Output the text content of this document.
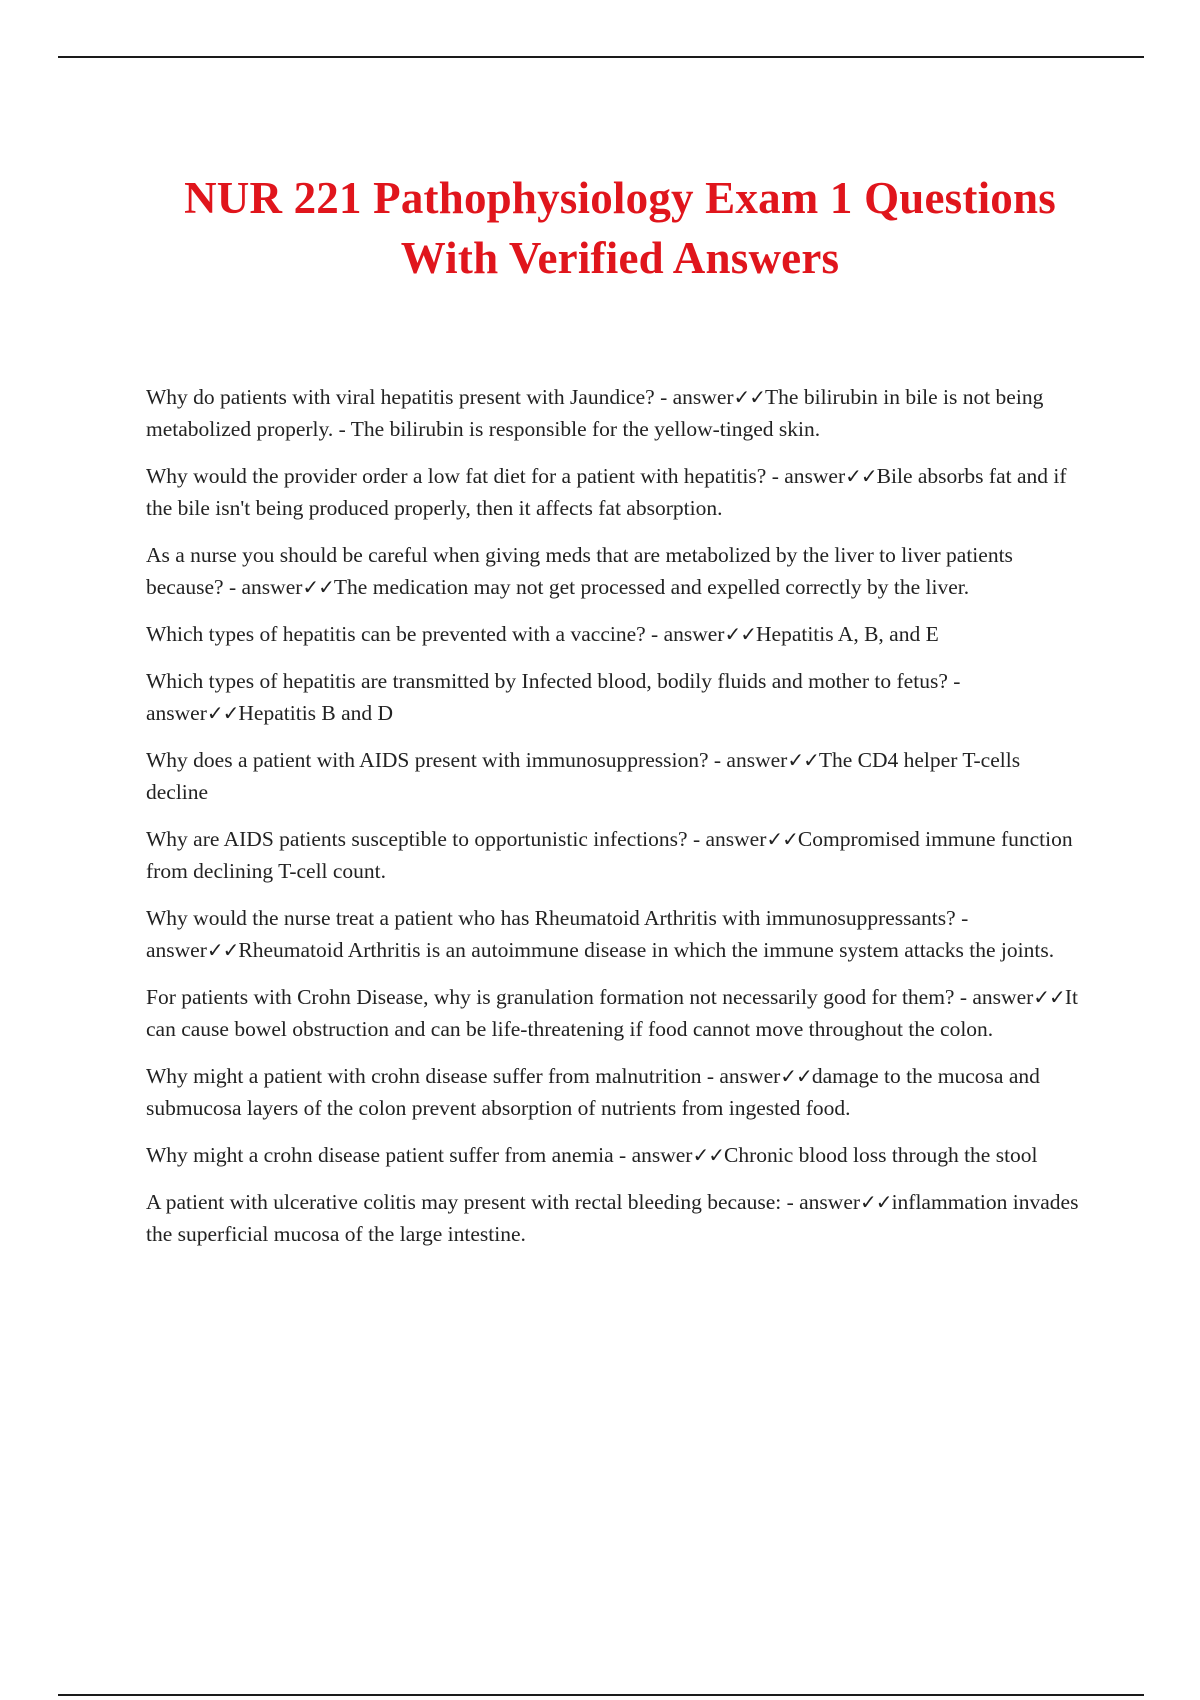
NUR 221 Pathophysiology Exam 1 Questions
With Verified Answers
Why do patients with viral hepatitis present with Jaundice? - answer✓✓The bilirubin in bile is not being metabolized properly. - The bilirubin is responsible for the yellow-tinged skin.
Why would the provider order a low fat diet for a patient with hepatitis? - answer✓✓Bile absorbs fat and if the bile isn't being produced properly, then it affects fat absorption.
As a nurse you should be careful when giving meds that are metabolized by the liver to liver patients because? - answer✓✓The medication may not get processed and expelled correctly by the liver.
Which types of hepatitis can be prevented with a vaccine? - answer✓✓Hepatitis A, B, and E
Which types of hepatitis are transmitted by Infected blood, bodily fluids and mother to fetus? - answer✓✓Hepatitis B and D
Why does a patient with AIDS present with immunosuppression? - answer✓✓The CD4 helper T-cells decline
Why are AIDS patients susceptible to opportunistic infections? - answer✓✓Compromised immune function from declining T-cell count.
Why would the nurse treat a patient who has Rheumatoid Arthritis with immunosuppressants? - answer✓✓Rheumatoid Arthritis is an autoimmune disease in which the immune system attacks the joints.
For patients with Crohn Disease, why is granulation formation not necessarily good for them? - answer✓✓It can cause bowel obstruction and can be life-threatening if food cannot move throughout the colon.
Why might a patient with crohn disease suffer from malnutrition - answer✓✓damage to the mucosa and submucosa layers of the colon prevent absorption of nutrients from ingested food.
Why might a crohn disease patient suffer from anemia - answer✓✓Chronic blood loss through the stool
A patient with ulcerative colitis may present with rectal bleeding because: - answer✓✓inflammation invades the superficial mucosa of the large intestine.
